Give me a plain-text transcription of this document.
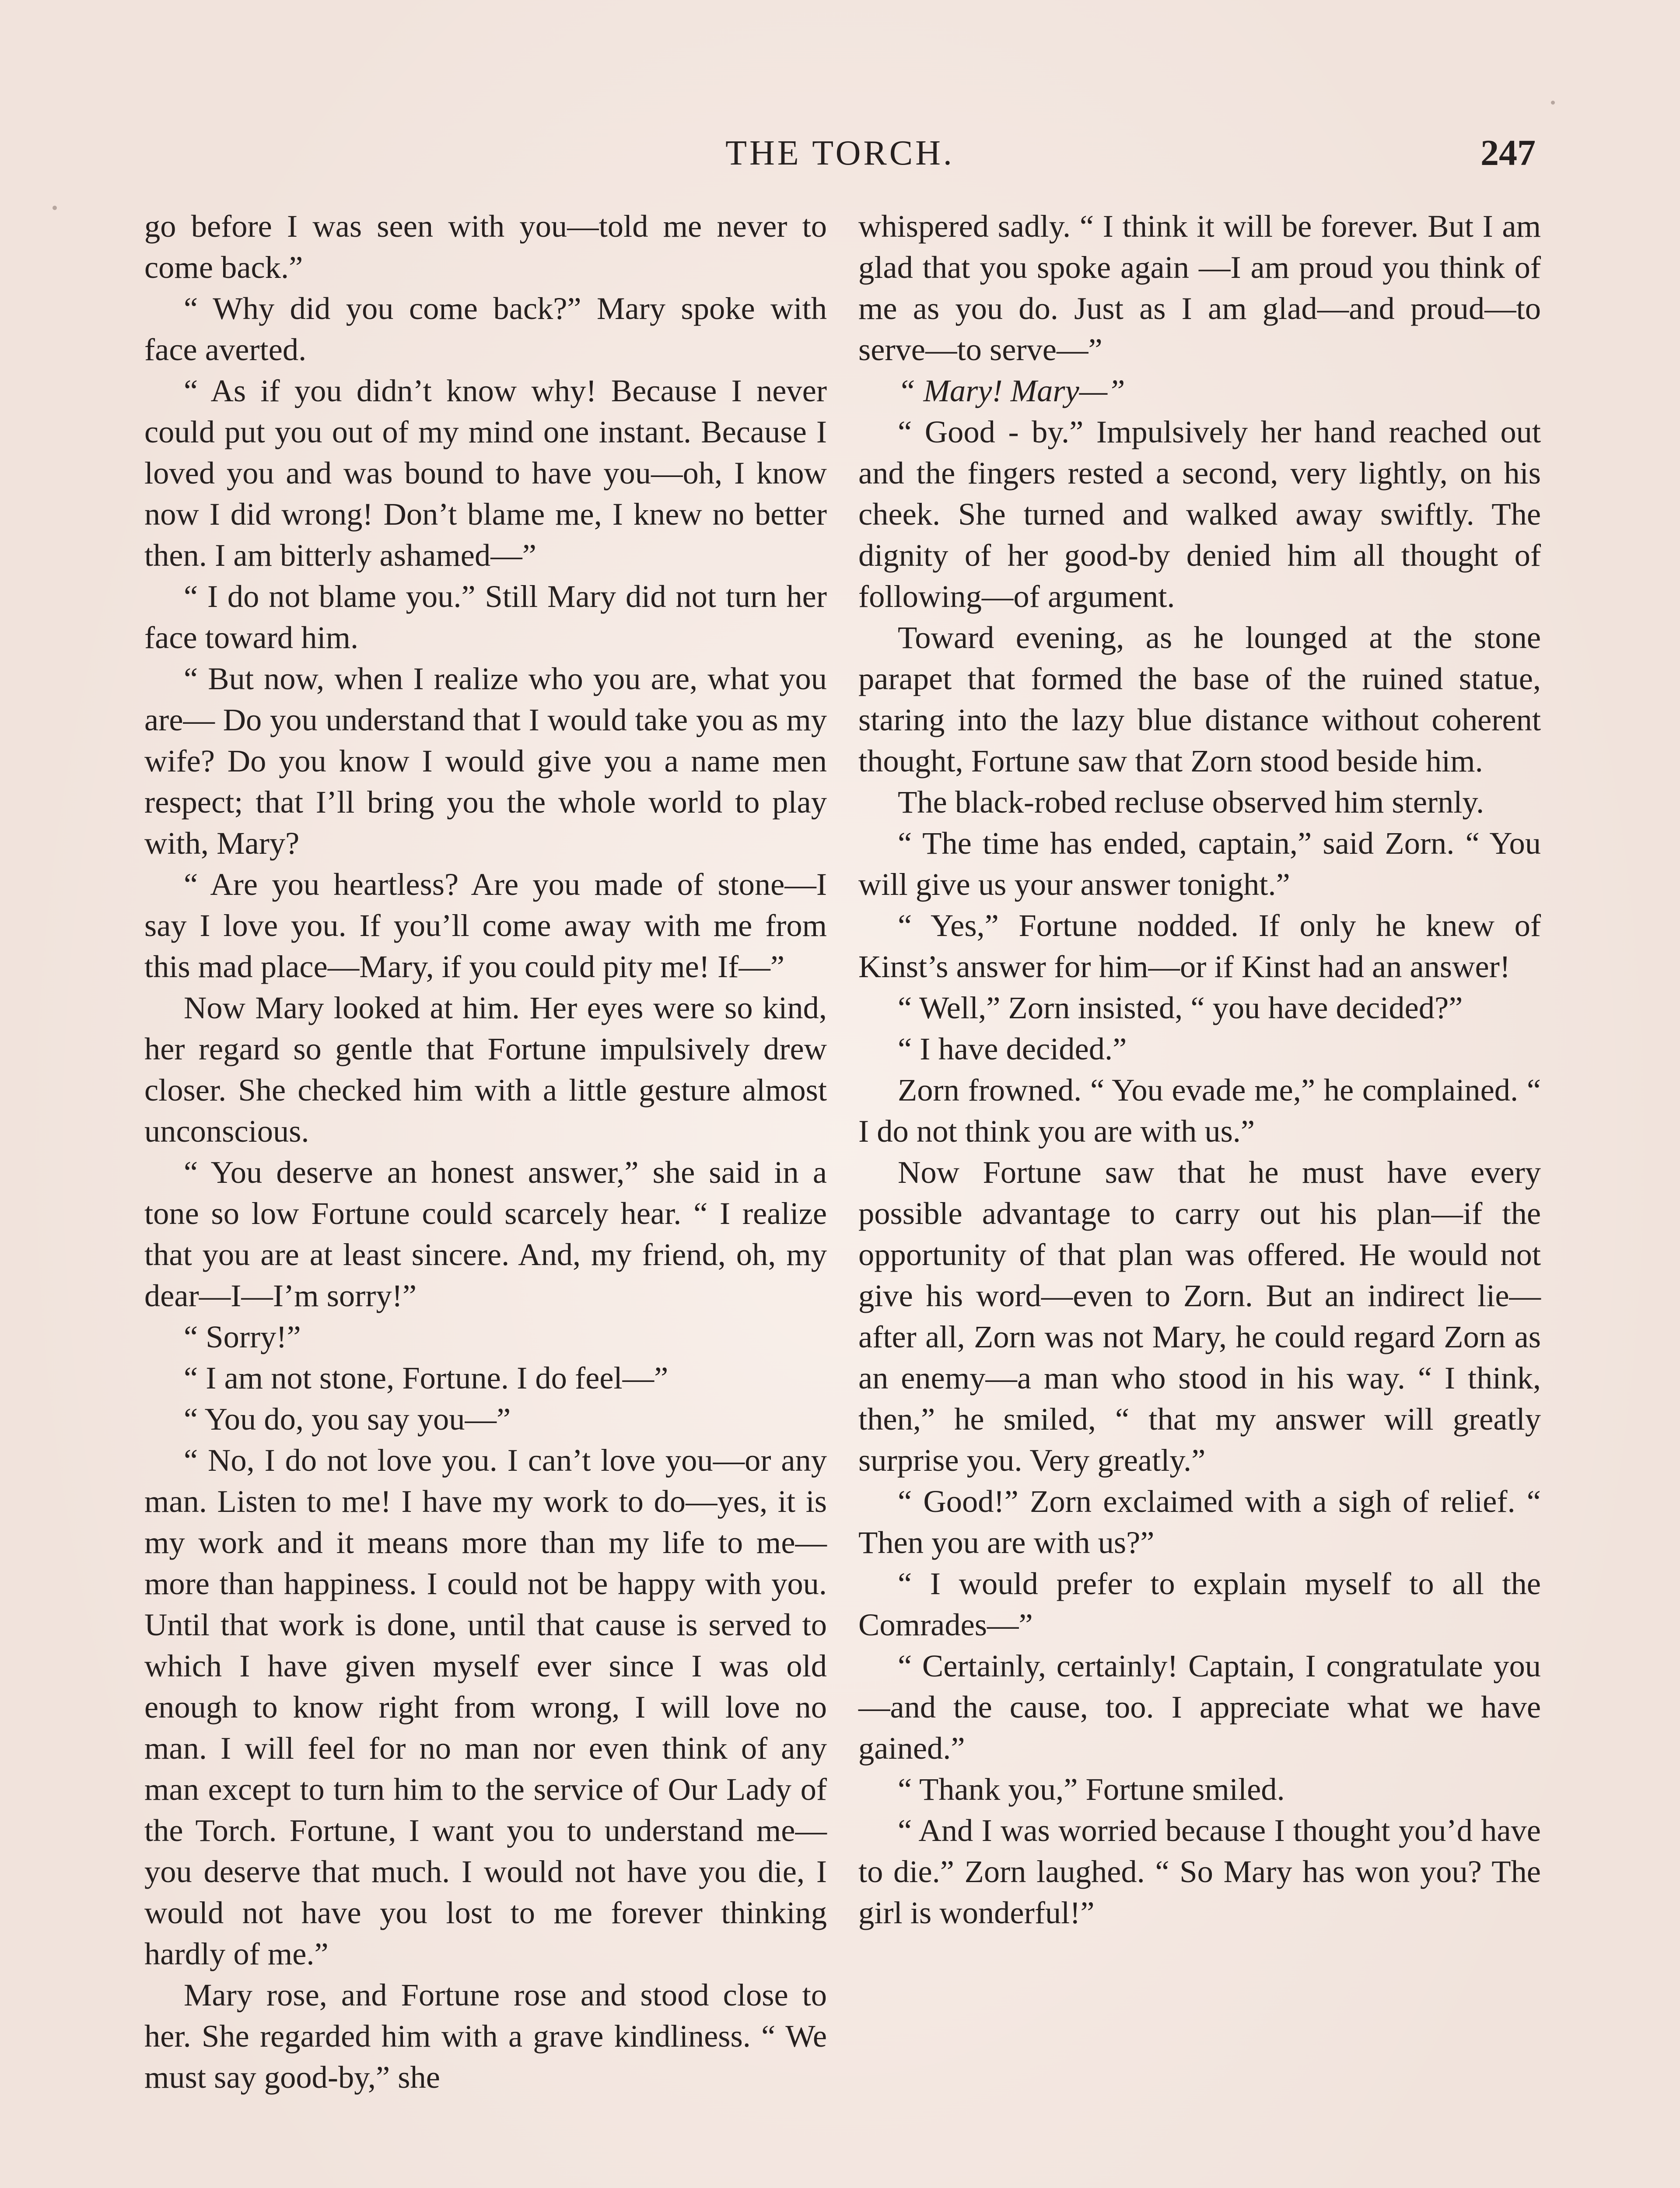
THE TORCH.	247

go before I was seen with you—told me never to come back.”

“ Why did you come back?” Mary spoke with face averted.

“ As if you didn’t know why! Because I never could put you out of my mind one instant. Because I loved you and was bound to have you—oh, I know now I did wrong! Don’t blame me, I knew no better then. I am bitterly ashamed—”

“ I do not blame you.” Still Mary did not turn her face toward him.

“ But now, when I realize who you are, what you are— Do you understand that I would take you as my wife? Do you know I would give you a name men respect; that I’ll bring you the whole world to play with, Mary?

“ Are you heartless? Are you made of stone—I say I love you. If you’ll come away with me from this mad place—Mary, if you could pity me! If—”

Now Mary looked at him. Her eyes were so kind, her regard so gentle that Fortune impulsively drew closer. She checked him with a little gesture almost unconscious.

“ You deserve an honest answer,” she said in a tone so low Fortune could scarcely hear. “ I realize that you are at least sincere. And, my friend, oh, my dear—I—I’m sorry!”

“ Sorry!”

“ I am not stone, Fortune. I do feel—”

“ You do, you say you—”

“ No, I do not love you. I can’t love you—or any man. Listen to me! I have my work to do—yes, it is my work and it means more than my life to me—more than happiness. I could not be happy with you. Until that work is done, until that cause is served to which I have given myself ever since I was old enough to know right from wrong, I will love no man. I will feel for no man nor even think of any man except to turn him to the service of Our Lady of the Torch. Fortune, I want you to understand me—you deserve that much. I would not have you die, I would not have you lost to me forever thinking hardly of me.”

Mary rose, and Fortune rose and stood close to her. She regarded him with a grave kindliness. “ We must say good-by,” she

whispered sadly. “ I think it will be forever. But I am glad that you spoke again —I am proud you think of me as you do. Just as I am glad—and proud—to serve—to serve—”

“ Mary! Mary—”

“ Good - by.” Impulsively her hand reached out and the fingers rested a second, very lightly, on his cheek. She turned and walked away swiftly. The dignity of her good-by denied him all thought of following—of argument.

Toward evening, as he lounged at the stone parapet that formed the base of the ruined statue, staring into the lazy blue distance without coherent thought, Fortune saw that Zorn stood beside him.

The black-robed recluse observed him sternly.

“ The time has ended, captain,” said Zorn. “ You will give us your answer tonight.”

“ Yes,” Fortune nodded. If only he knew of Kinst’s answer for him—or if Kinst had an answer!

“ Well,” Zorn insisted, “ you have decided?”

“ I have decided.”

Zorn frowned. “ You evade me,” he complained. “ I do not think you are with us.”

Now Fortune saw that he must have every possible advantage to carry out his plan—if the opportunity of that plan was offered. He would not give his word—even to Zorn. But an indirect lie—after all, Zorn was not Mary, he could regard Zorn as an enemy—a man who stood in his way. “ I think, then,” he smiled, “ that my answer will greatly surprise you. Very greatly.”

“ Good!” Zorn exclaimed with a sigh of relief. “ Then you are with us?”

“ I would prefer to explain myself to all the Comrades—”

“ Certainly, certainly! Captain, I congratulate you—and the cause, too. I appreciate what we have gained.”

“ Thank you,” Fortune smiled.

“ And I was worried because I thought you’d have to die.” Zorn laughed. “ So Mary has won you? The girl is wonderful!”
